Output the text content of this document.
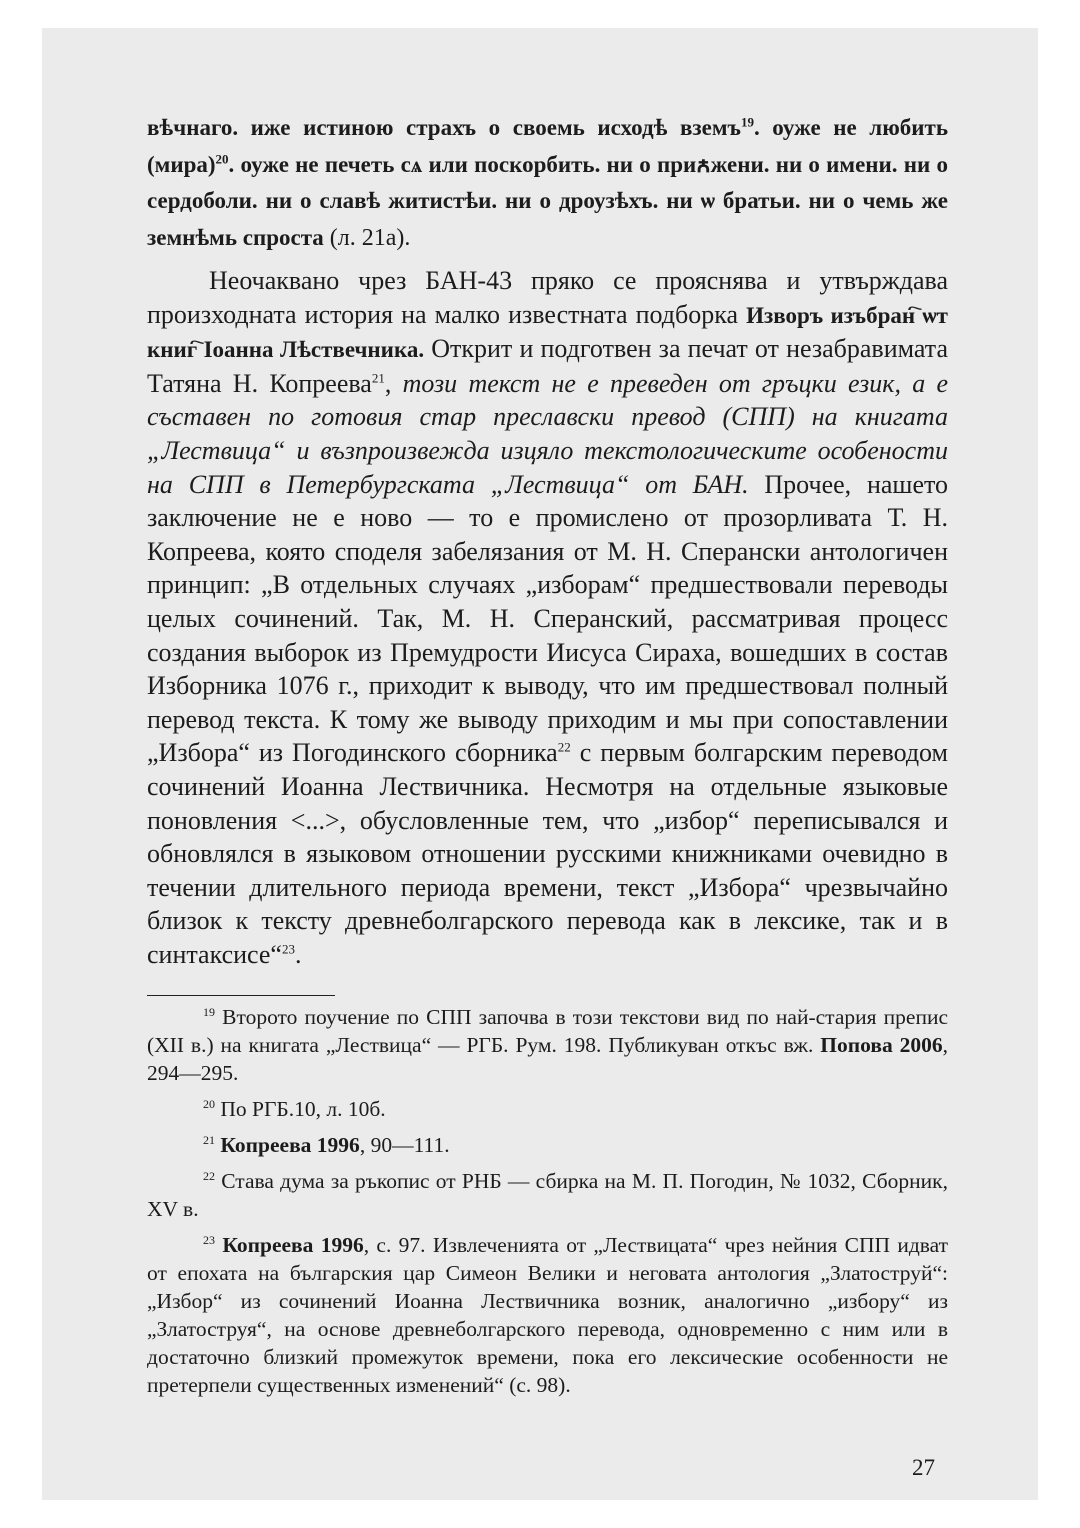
вѣчнаго. иже истиною страхъ о своемь исходѣ вземъ$^{19}$. оуже не любить (мира)$^{20}$. оуже не печеть сѧ или поскорбить. ни о приꙉжени. ни о имени. ни о сердоболи. ни о славѣ житистѣи. ни о дроузѣхъ. ни ѡ братьи. ни о чемь же земнѣмь спроста (л. 21а).

Неочаквано чрез БАН-43 пряко се прояснява и утвърждава произходната история на малко известната подборка Изворъ изъбран҇ ѡт книг҇ Іоанна Лѣствечника. Открит и подготвен за печат от незабравимата Татяна Н. Копреева$^{21}$, този текст не е преведен от гръцки език, а е съставен по готовия стар преславски превод (СПП) на книгата „Лествица“ и възпроизвежда изцяло текстологическите особености на СПП в Петербургската „Лествица“ от БАН. Прочее, нашето заключение не е ново — то е промислено от прозорливата Т. Н. Копреева, която споделя забелязания от М. Н. Сперански антологичен принцип: „В отдельных случаях „изборам“ предшествовали переводы целых сочинений. Так, М. Н. Сперанский, рассматривая процесс создания выборок из Премудрости Иисуса Сираха, вошедших в состав Изборника 1076 г., приходит к выводу, что им предшествовал полный перевод текста. К тому же выводу приходим и мы при сопоставлении „Избора“ из Погодинского сборника$^{22}$ с первым болгарским переводом сочинений Иоанна Лествичника. Несмотря на отдельные языковые поновления <...>, обусловленные тем, что „избор“ переписывался и обновлялся в языковом отношении русскими книжниками очевидно в течении длительного периода времени, текст „Избора“ чрезвычайно близок к тексту древнеболгарского перевода как в лексике, так и в синтаксисе“$^{23}$.

$^{19}$ Второто поучение по СПП започва в този текстови вид по най-стария препис (XII в.) на книгата „Лествица“ — РГБ. Рум. 198. Публикуван откъс вж. Попова 2006, 294—295.

$^{20}$ По РГБ.10, л. 10б.

$^{21}$ Копреева 1996, 90—111.

$^{22}$ Става дума за ръкопис от РНБ — сбирка на М. П. Погодин, № 1032, Сборник, XV в.

$^{23}$ Копреева 1996, с. 97. Извлеченията от „Лествицата“ чрез нейния СПП идват от епохата на българския цар Симеон Велики и неговата антология „Златоструй“: „Избор“ из сочинений Иоанна Лествичника возник, аналогично „избору“ из „Златоструя“, на основе древнеболгарского перевода, одновременно с ним или в достаточно близкий промежуток времени, пока его лексические особенности не претерпели существенных изменений“ (с. 98).

27
